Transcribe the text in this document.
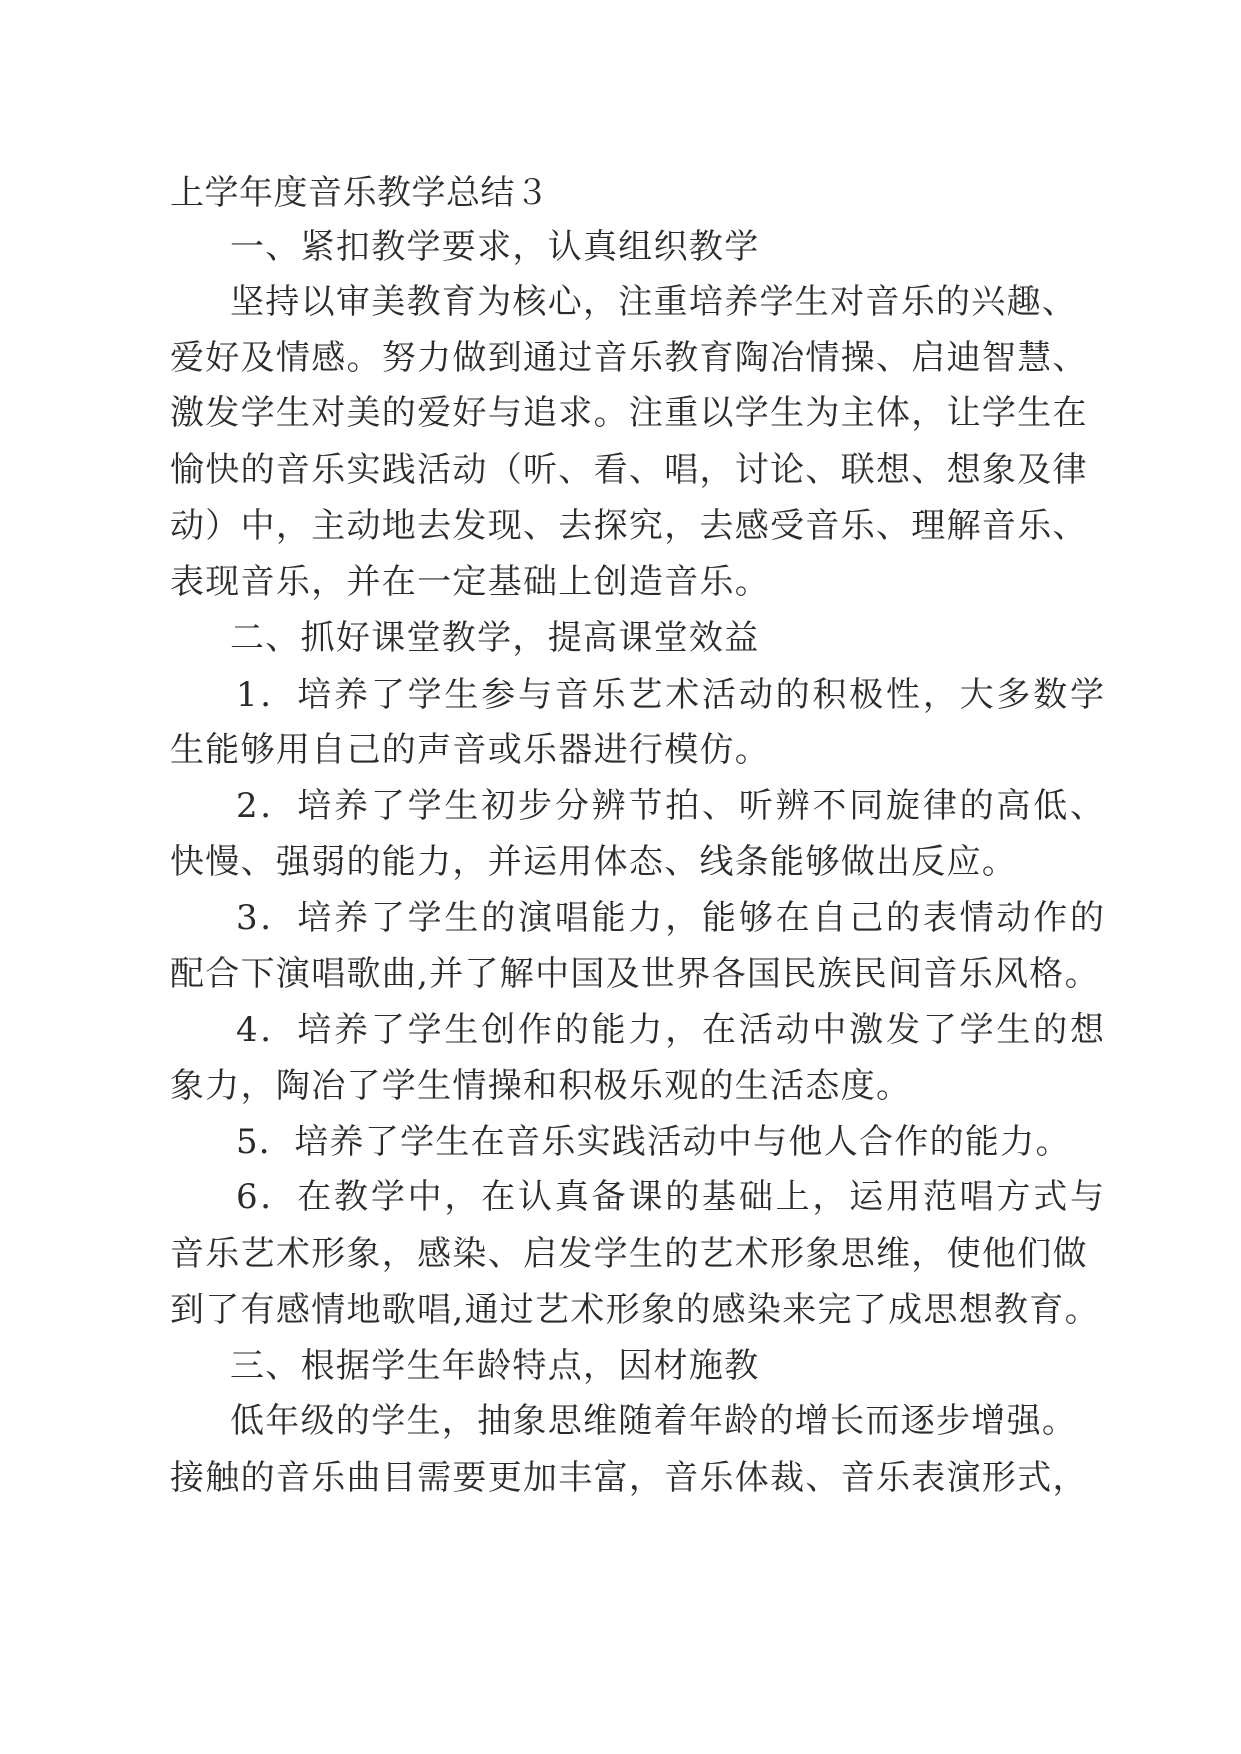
上学年度音乐教学总结３
一、紧扣教学要求，认真组织教学
坚持以审美教育为核心，注重培养学生对音乐的兴趣、
爱好及情感。努力做到通过音乐教育陶冶情操、启迪智慧、
激发学生对美的爱好与追求。注重以学生为主体，让学生在
愉快的音乐实践活动（听、看、唱，讨论、联想、想象及律
动）中，主动地去发现、去探究，去感受音乐、理解音乐、
表现音乐，并在一定基础上创造音乐。
二、抓好课堂教学，提高课堂效益
1．培养了学生参与音乐艺术活动的积极性，大多数学
生能够用自己的声音或乐器进行模仿。
2．培养了学生初步分辨节拍、听辨不同旋律的高低、
快慢、强弱的能力，并运用体态、线条能够做出反应。
3．培养了学生的演唱能力，能够在自己的表情动作的
配合下演唱歌曲,并了解中国及世界各国民族民间音乐风格。
4．培养了学生创作的能力，在活动中激发了学生的想
象力，陶冶了学生情操和积极乐观的生活态度。
5．培养了学生在音乐实践活动中与他人合作的能力。
6．在教学中，在认真备课的基础上，运用范唱方式与
音乐艺术形象，感染、启发学生的艺术形象思维，使他们做
到了有感情地歌唱,通过艺术形象的感染来完了成思想教育。
三、根据学生年龄特点，因材施教
低年级的学生，抽象思维随着年龄的增长而逐步增强。
接触的音乐曲目需要更加丰富，音乐体裁、音乐表演形式，
